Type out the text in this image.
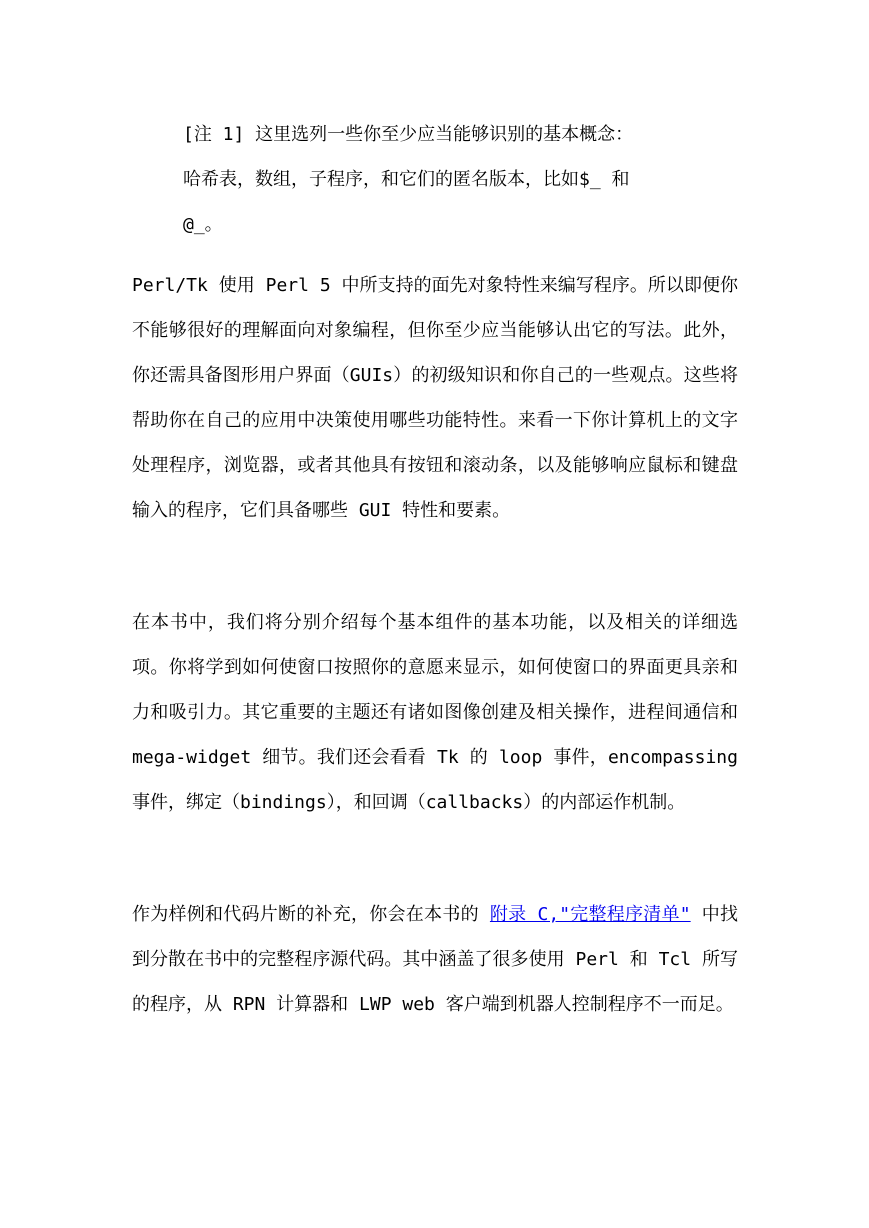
[注 1] 这里选列一些你至少应当能够识别的基本概念：

哈希表，数组，子程序，和它们的匿名版本，比如$_ 和

@_。

Perl/Tk 使用 Perl 5 中所支持的面先对象特性来编写程序。所以即便你不能够很好的理解面向对象编程，但你至少应当能够认出它的写法。此外，你还需具备图形用户界面（GUIs）的初级知识和你自己的一些观点。这些将帮助你在自己的应用中决策使用哪些功能特性。来看一下你计算机上的文字处理程序，浏览器，或者其他具有按钮和滚动条，以及能够响应鼠标和键盘输入的程序，它们具备哪些 GUI 特性和要素。

在本书中，我们将分别介绍每个基本组件的基本功能，以及相关的详细选项。你将学到如何使窗口按照你的意愿来显示，如何使窗口的界面更具亲和力和吸引力。其它重要的主题还有诸如图像创建及相关操作，进程间通信和 mega-widget 细节。我们还会看看 Tk 的 loop 事件，encompassing 事件，绑定（bindings），和回调（callbacks）的内部运作机制。

作为样例和代码片断的补充，你会在本书的 附录 C,"完整程序清单" 中找到分散在书中的完整程序源代码。其中涵盖了很多使用 Perl 和 Tcl 所写的程序，从 RPN 计算器和 LWP web 客户端到机器人控制程序不一而足。
